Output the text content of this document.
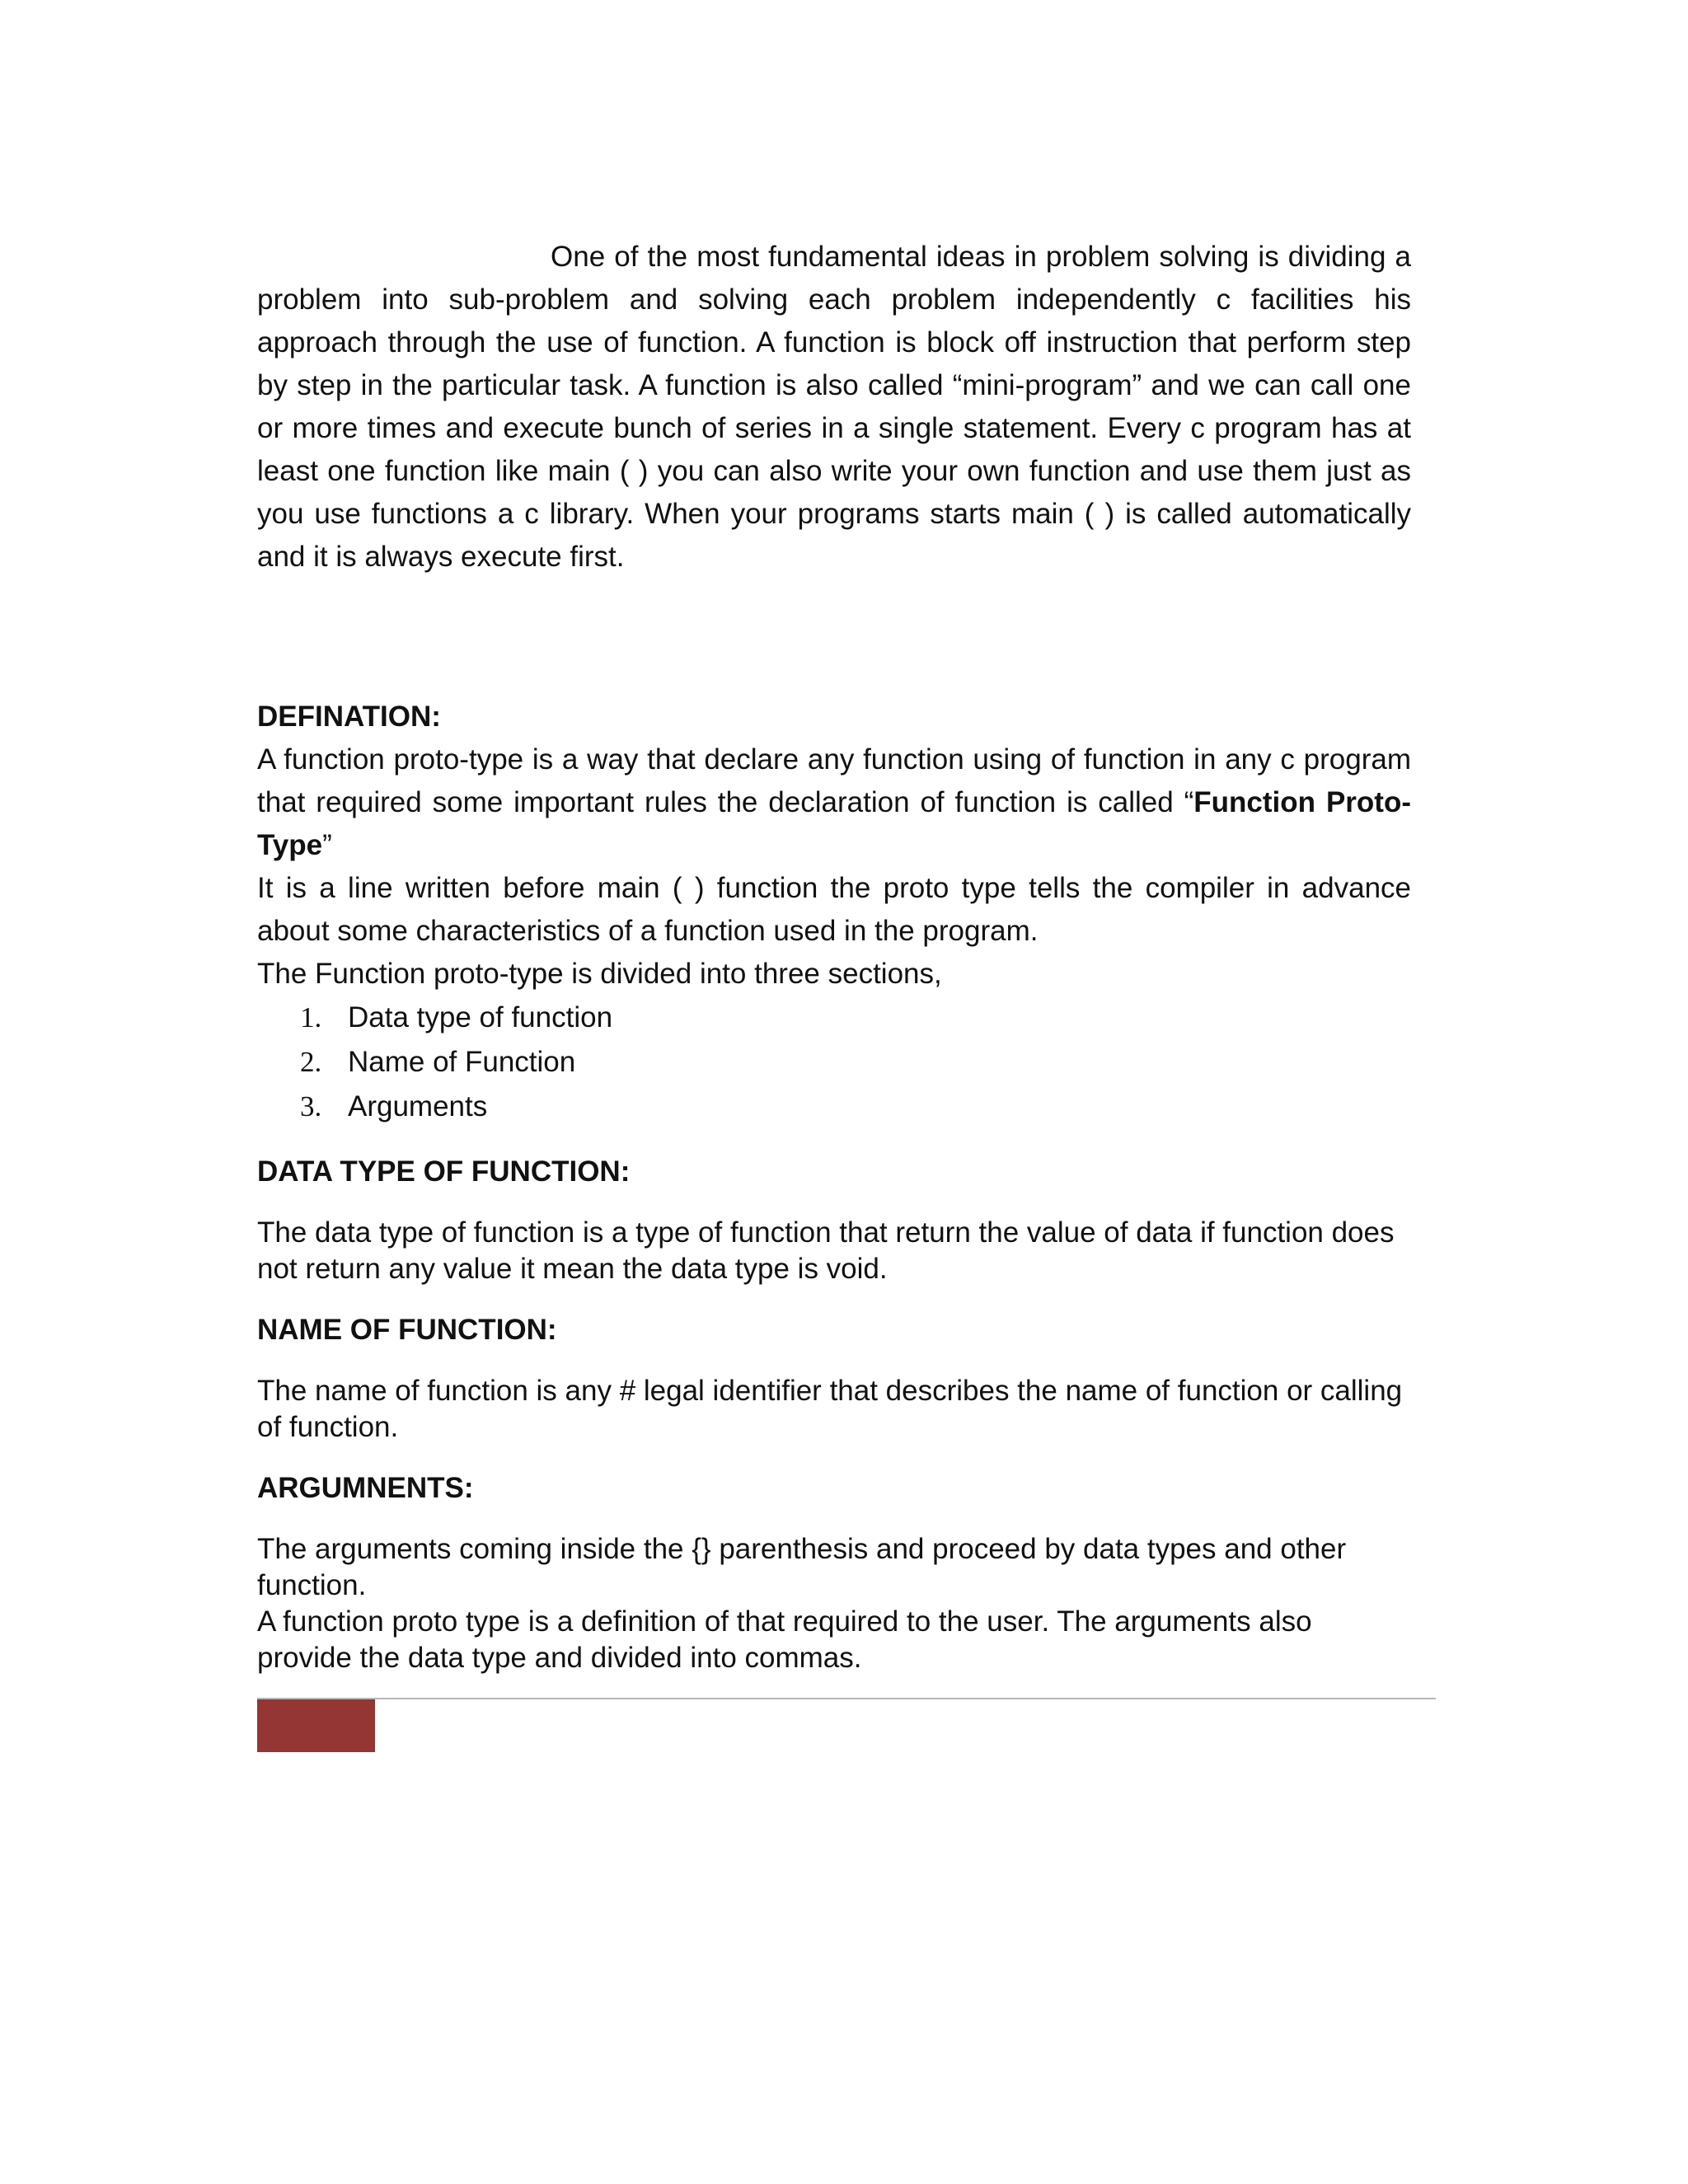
One of the most fundamental ideas in problem solving is dividing a problem into sub-problem and solving each problem independently c facilities his approach through the use of function. A function is block off instruction that perform step by step in the particular task. A function is also called “mini-program” and we can call one or more times and execute bunch of series in a single statement. Every c program has at least one function like main ( ) you can also write your own function and use them just as you use functions a c library. When your programs starts main ( ) is called automatically and it is always execute first.

DEFINATION:

A function proto-type is a way that declare any function using of function in any c program that required some important rules the declaration of function is called “Function Proto-Type”

It is a line written before main ( ) function the proto type tells the compiler in advance about some characteristics of a function used in the program.

The Function proto-type is divided into three sections,

1. Data type of function
2. Name of Function
3. Arguments

DATA TYPE OF FUNCTION:

The data type of function is a type of function that return the value of data if function does not return any value it mean the data type is void.

NAME OF FUNCTION:

The name of function is any # legal identifier that describes the name of function or calling of function.

ARGUMNENTS:

The arguments coming inside the {} parenthesis and proceed by data types and other function.

A function proto type is a definition of that required to the user. The arguments also provide the data type and divided into commas.
